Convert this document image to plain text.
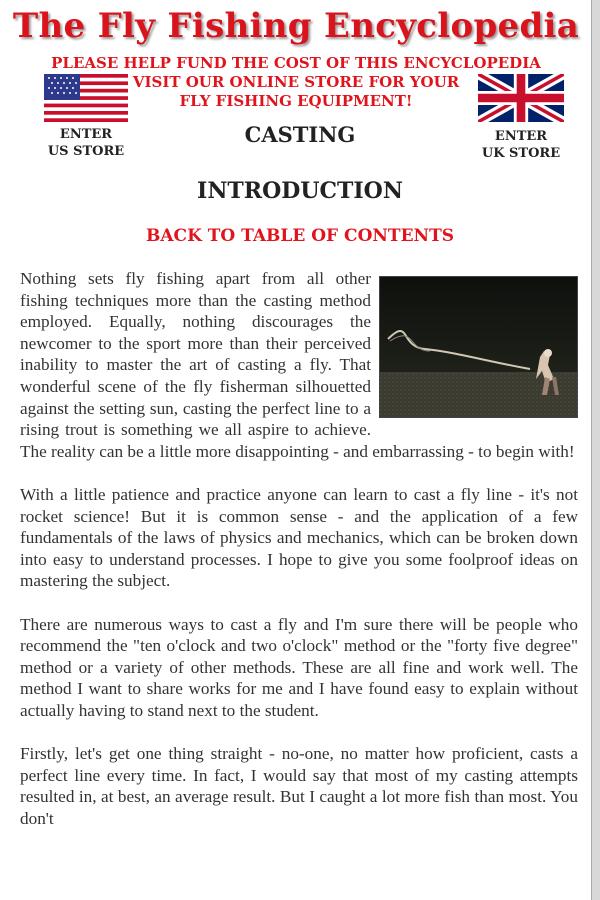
The Fly Fishing Encyclopedia
PLEASE HELP FUND THE COST OF THIS ENCYCLOPEDIA
VISIT OUR ONLINE STORE FOR YOUR
FLY FISHING EQUIPMENT!
ENTER
US STORE
ENTER
UK STORE
CASTING
INTRODUCTION
BACK TO TABLE OF CONTENTS

Nothing sets fly fishing apart from all other fishing techniques more than the casting method employed. Equally, nothing discourages the newcomer to the sport more than their perceived inability to master the art of casting a fly. That wonderful scene of the fly fisherman silhouetted against the setting sun, casting the perfect line to a rising trout is something we all aspire to achieve. The reality can be a little more disappointing - and embarrassing - to begin with!

With a little patience and practice anyone can learn to cast a fly line - it's not rocket science! But it is common sense - and the application of a few fundamentals of the laws of physics and mechanics, which can be broken down into easy to understand processes. I hope to give you some foolproof ideas on mastering the subject.

There are numerous ways to cast a fly and I'm sure there will be people who recommend the "ten o'clock and two o'clock" method or the "forty five degree" method or a variety of other methods. These are all fine and work well. The method I want to share works for me and I have found easy to explain without actually having to stand next to the student.

Firstly, let's get one thing straight - no-one, no matter how proficient, casts a perfect line every time. In fact, I would say that most of my casting attempts resulted in, at best, an average result. But I caught a lot more fish than most. You don't
